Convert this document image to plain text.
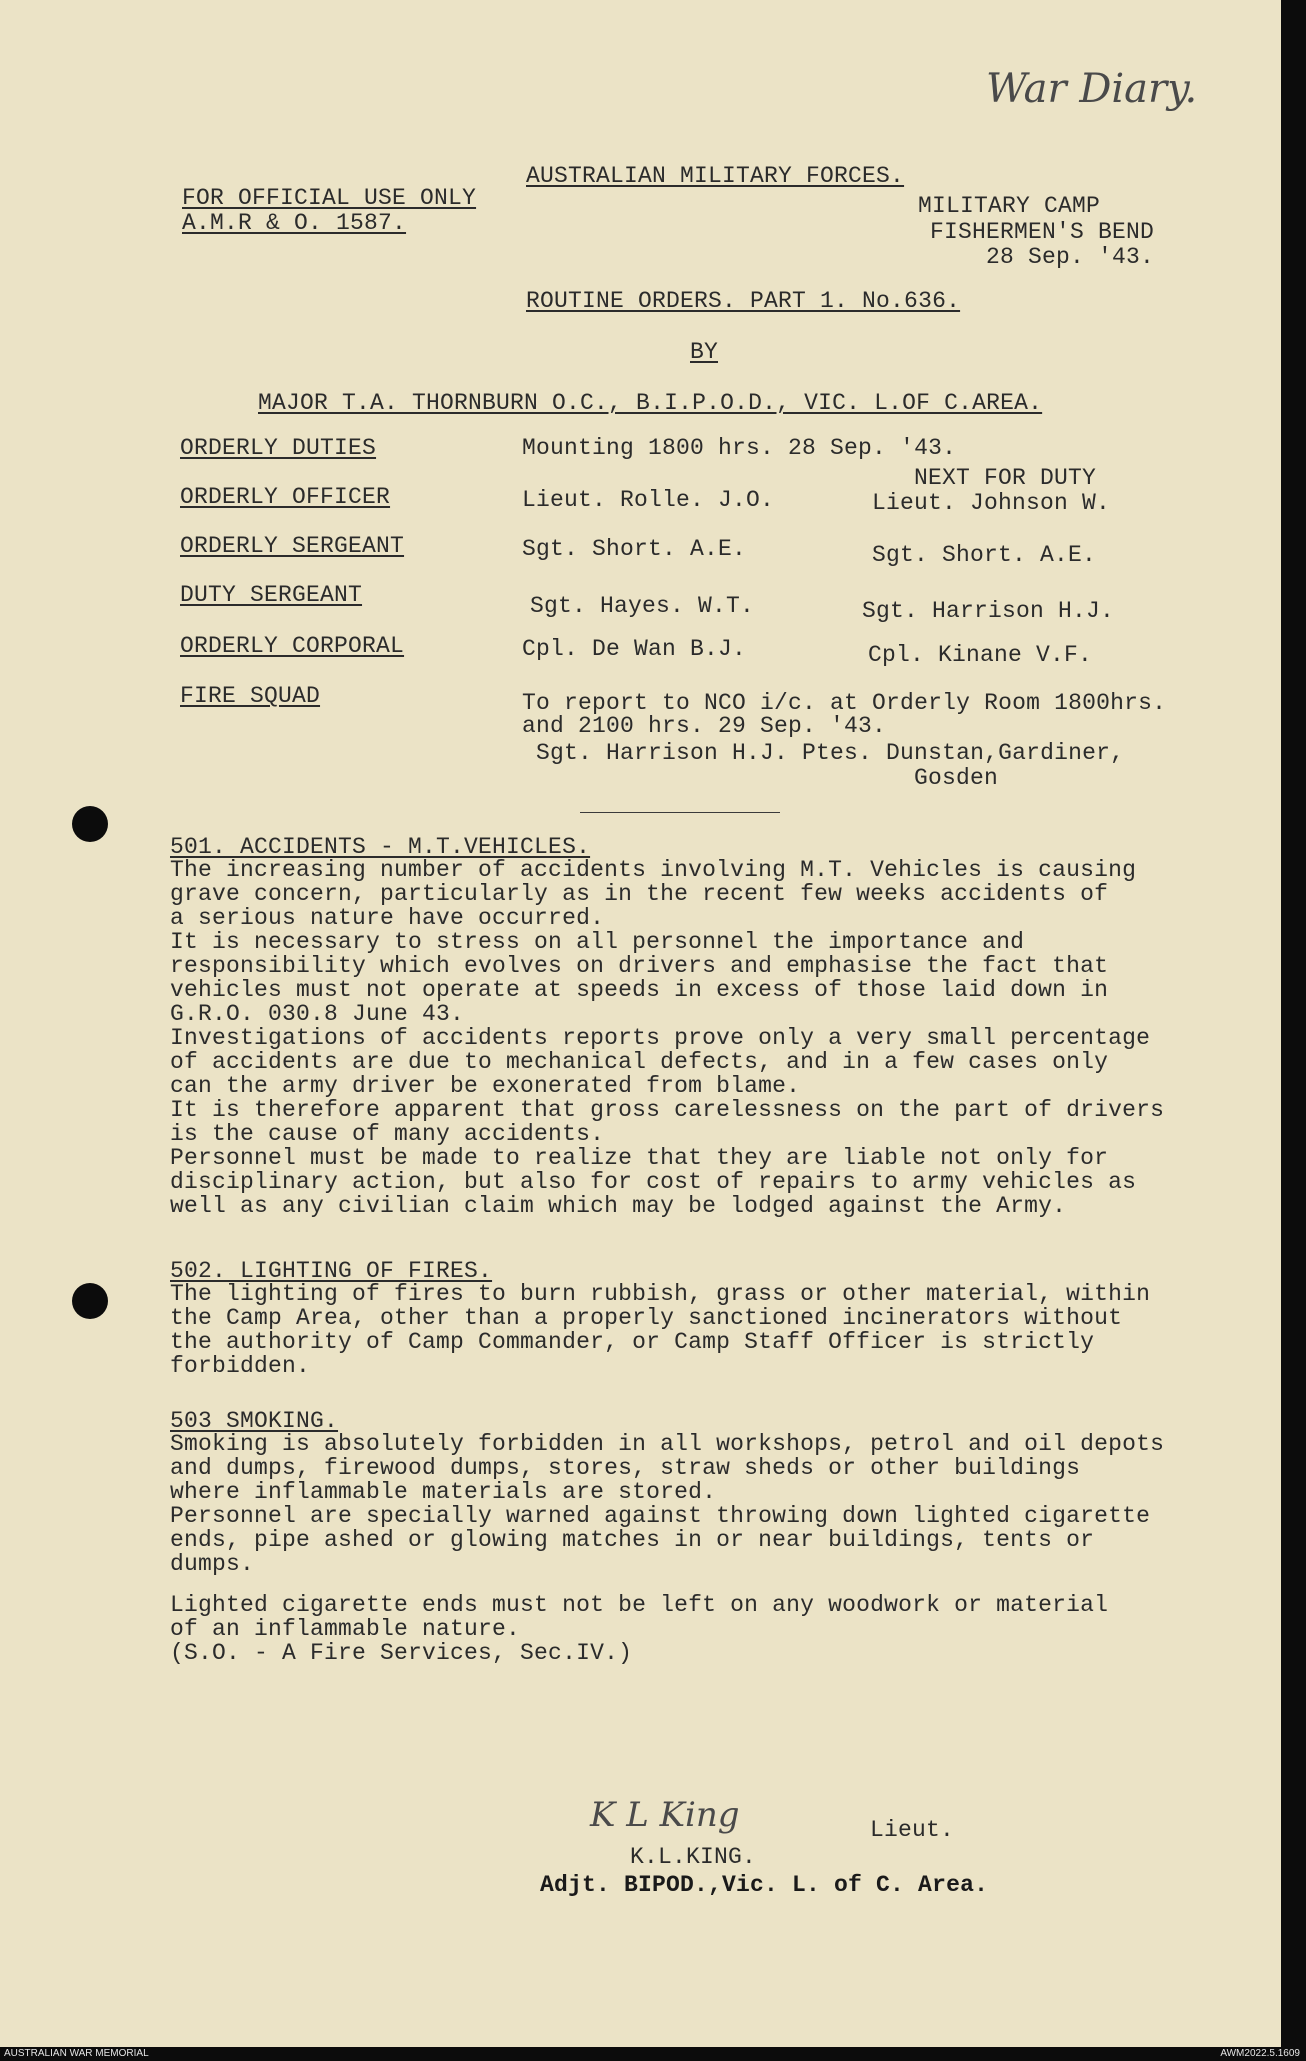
War Diary.
FOR OFFICIAL USE ONLY
A.M.R & O. 1587.
AUSTRALIAN MILITARY FORCES.
MILITARY CAMP
FISHERMEN'S BEND
28 Sep. '43.
ROUTINE ORDERS. PART 1. No.636.
BY
MAJOR T.A. THORNBURN O.C., B.I.P.O.D., VIC. L.OF C.AREA.
NEXT FOR DUTY
ORDERLY DUTIES	Mounting 1800 hrs. 28 Sep. '43.
ORDERLY OFFICER	Lieut. Rolle. J.O.	Lieut. Johnson W.
ORDERLY SERGEANT	Sgt. Short. A.E.	Sgt. Short. A.E.
DUTY SERGEANT	Sgt. Hayes. W.T.	Sgt. Harrison H.J.
ORDERLY CORPORAL	Cpl. De Wan B.J.	Cpl. Kinane V.F.
FIRE SQUAD	To report to NCO i/c. at Orderly Room 1800hrs.
and 2100 hrs. 29 Sep. '43.
Sgt. Harrison H.J. Ptes. Dunstan,Gardiner,
Gosden
501. ACCIDENTS - M.T.VEHICLES.
The increasing number of accidents involving M.T. Vehicles is causing
grave concern, particularly as in the recent few weeks accidents of
a serious nature have occurred.
It is necessary to stress on all personnel the importance and
responsibility which evolves on drivers and emphasise the fact that
vehicles must not operate at speeds in excess of those laid down in
G.R.O. 030.8 June 43.
Investigations of accidents reports prove only a very small percentage
of accidents are due to mechanical defects, and in a few cases only
can the army driver be exonerated from blame.
It is therefore apparent that gross carelessness on the part of drivers
is the cause of many accidents.
Personnel must be made to realize that they are liable not only for
disciplinary action, but also for cost of repairs to army vehicles as
well as any civilian claim which may be lodged against the Army.
502. LIGHTING OF FIRES.
The lighting of fires to burn rubbish, grass or other material, within
the Camp Area, other than a properly sanctioned incinerators without
the authority of Camp Commander, or Camp Staff Officer is strictly
forbidden.
503 SMOKING.
Smoking is absolutely forbidden in all workshops, petrol and oil depots
and dumps, firewood dumps, stores, straw sheds or other buildings
where inflammable materials are stored.
Personnel are specially warned against throwing down lighted cigarette
ends, pipe ashed or glowing matches in or near buildings, tents or
dumps.
Lighted cigarette ends must not be left on any woodwork or material
of an inflammable nature.
(S.O. - A Fire Services, Sec.IV.)
K L King	Lieut.
K.L.KING.
Adjt. BIPOD.,Vic. L. of C. Area.
AUSTRALIAN WAR MEMORIAL	AWM2022.5.1609
